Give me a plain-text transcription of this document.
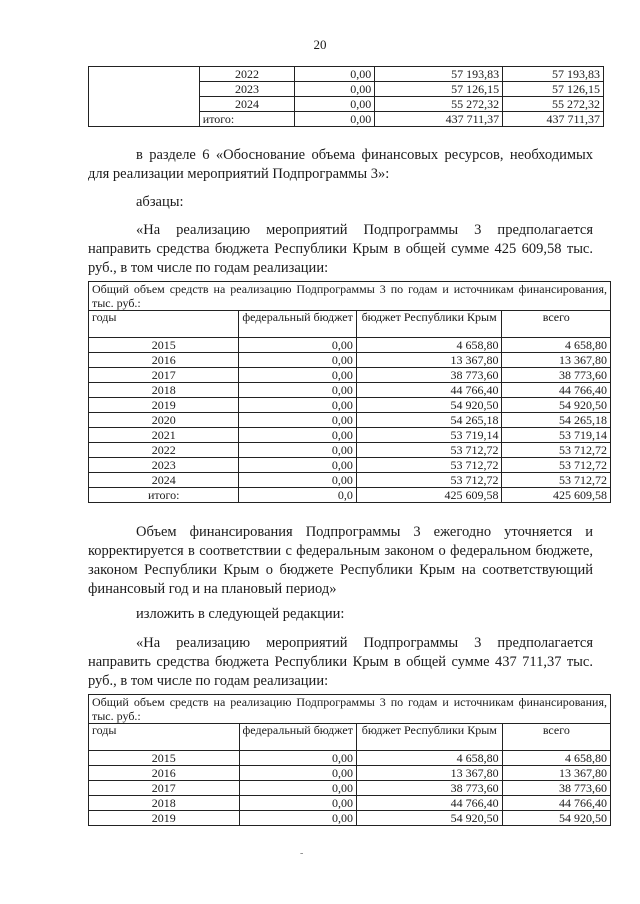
20
	2022	0,00	57 193,83	57 193,83
	2023	0,00	57 126,15	57 126,15
	2024	0,00	55 272,32	55 272,32
	итого:	0,00	437 711,37	437 711,37
в разделе 6 «Обоснование объема финансовых ресурсов, необходимых для реализации мероприятий Подпрограммы 3»:
абзацы:
«На реализацию мероприятий Подпрограммы 3 предполагается направить средства бюджета Республики Крым в общей сумме 425 609,58 тыс. руб., в том числе по годам реализации:
Общий объем средств на реализацию Подпрограммы 3 по годам и источникам финансирования, тыс. руб.:			
годы	федеральный бюджет	бюджет Республики Крым	всего
2015	0,00	4 658,80	4 658,80
2016	0,00	13 367,80	13 367,80
2017	0,00	38 773,60	38 773,60
2018	0,00	44 766,40	44 766,40
2019	0,00	54 920,50	54 920,50
2020	0,00	54 265,18	54 265,18
2021	0,00	53 719,14	53 719,14
2022	0,00	53 712,72	53 712,72
2023	0,00	53 712,72	53 712,72
2024	0,00	53 712,72	53 712,72
итого:	0,0	425 609,58	425 609,58
Объем финансирования Подпрограммы 3 ежегодно уточняется и корректируется в соответствии с федеральным законом о федеральном бюджете, законом Республики Крым о бюджете Республики Крым на соответствующий финансовый год и на плановый период»
изложить в следующей редакции:
«На реализацию мероприятий Подпрограммы 3 предполагается направить средства бюджета Республики Крым в общей сумме 437 711,37 тыс. руб., в том числе по годам реализации:
Общий объем средств на реализацию Подпрограммы 3 по годам и источникам финансирования, тыс. руб.:			
годы	федеральный бюджет	бюджет Республики Крым	всего
2015	0,00	4 658,80	4 658,80
2016	0,00	13 367,80	13 367,80
2017	0,00	38 773,60	38 773,60
2018	0,00	44 766,40	44 766,40
2019	0,00	54 920,50	54 920,50
-
